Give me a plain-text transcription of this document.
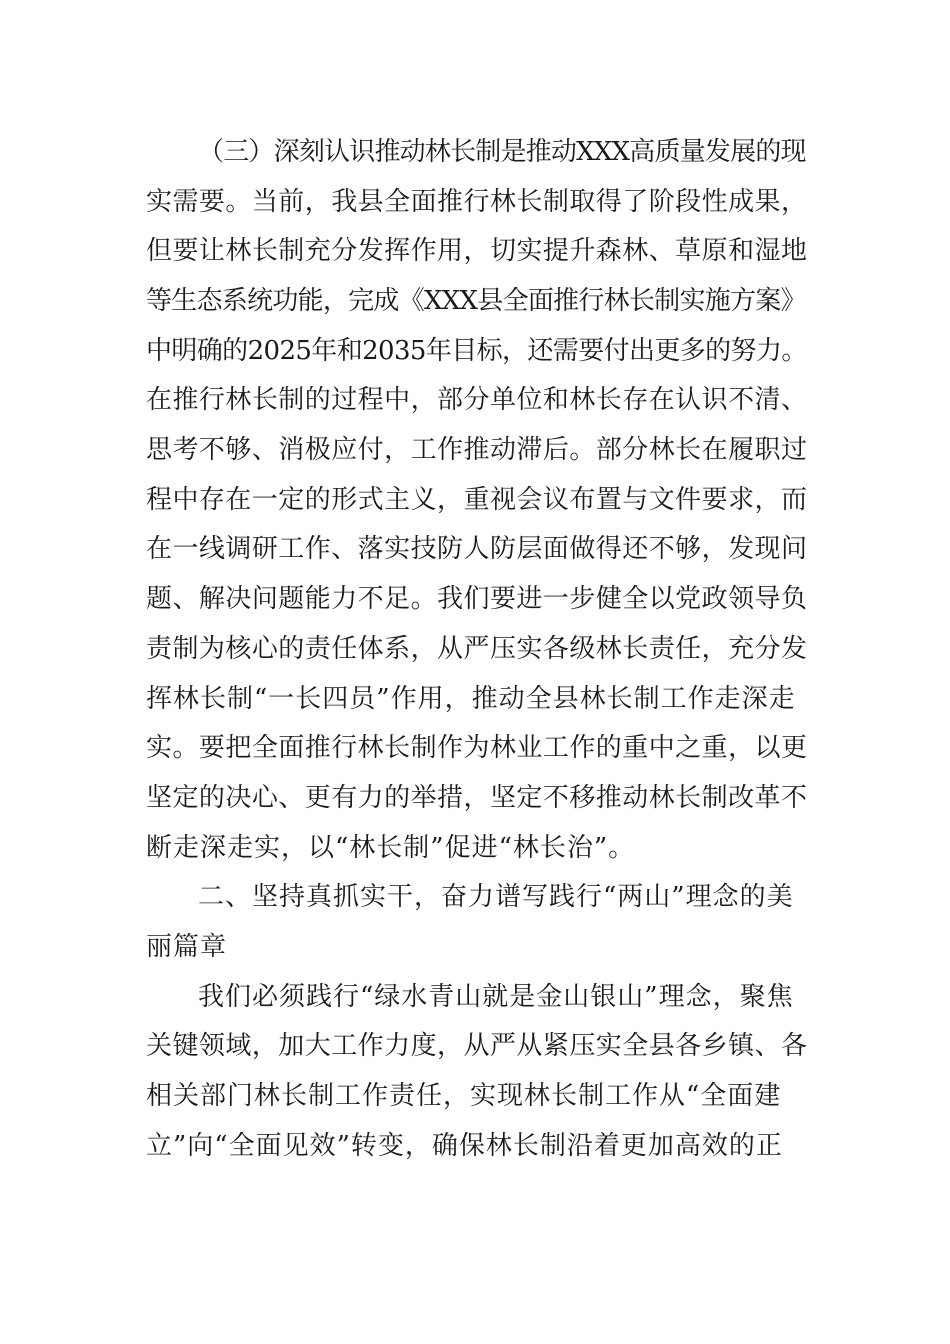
（三）深刻认识推动林长制是推动XXX高质量发展的现
实需要。当前，我县全面推行林长制取得了阶段性成果，
但要让林长制充分发挥作用，切实提升森林、草原和湿地
等生态系统功能，完成《XXX县全面推行林长制实施方案》
中明确的2025年和2035年目标，还需要付出更多的努力。
在推行林长制的过程中，部分单位和林长存在认识不清、
思考不够、消极应付，工作推动滞后。部分林长在履职过
程中存在一定的形式主义，重视会议布置与文件要求，而
在一线调研工作、落实技防人防层面做得还不够，发现问
题、解决问题能力不足。我们要进一步健全以党政领导负
责制为核心的责任体系，从严压实各级林长责任，充分发
挥林长制“一长四员”作用，推动全县林长制工作走深走
实。要把全面推行林长制作为林业工作的重中之重，以更
坚定的决心、更有力的举措，坚定不移推动林长制改革不
断走深走实，以“林长制”促进“林长治”。
二、坚持真抓实干，奋力谱写践行“两山”理念的美
丽篇章
我们必须践行“绿水青山就是金山银山”理念，聚焦
关键领域，加大工作力度，从严从紧压实全县各乡镇、各
相关部门林长制工作责任，实现林长制工作从“全面建
立”向“全面见效”转变，确保林长制沿着更加高效的正
